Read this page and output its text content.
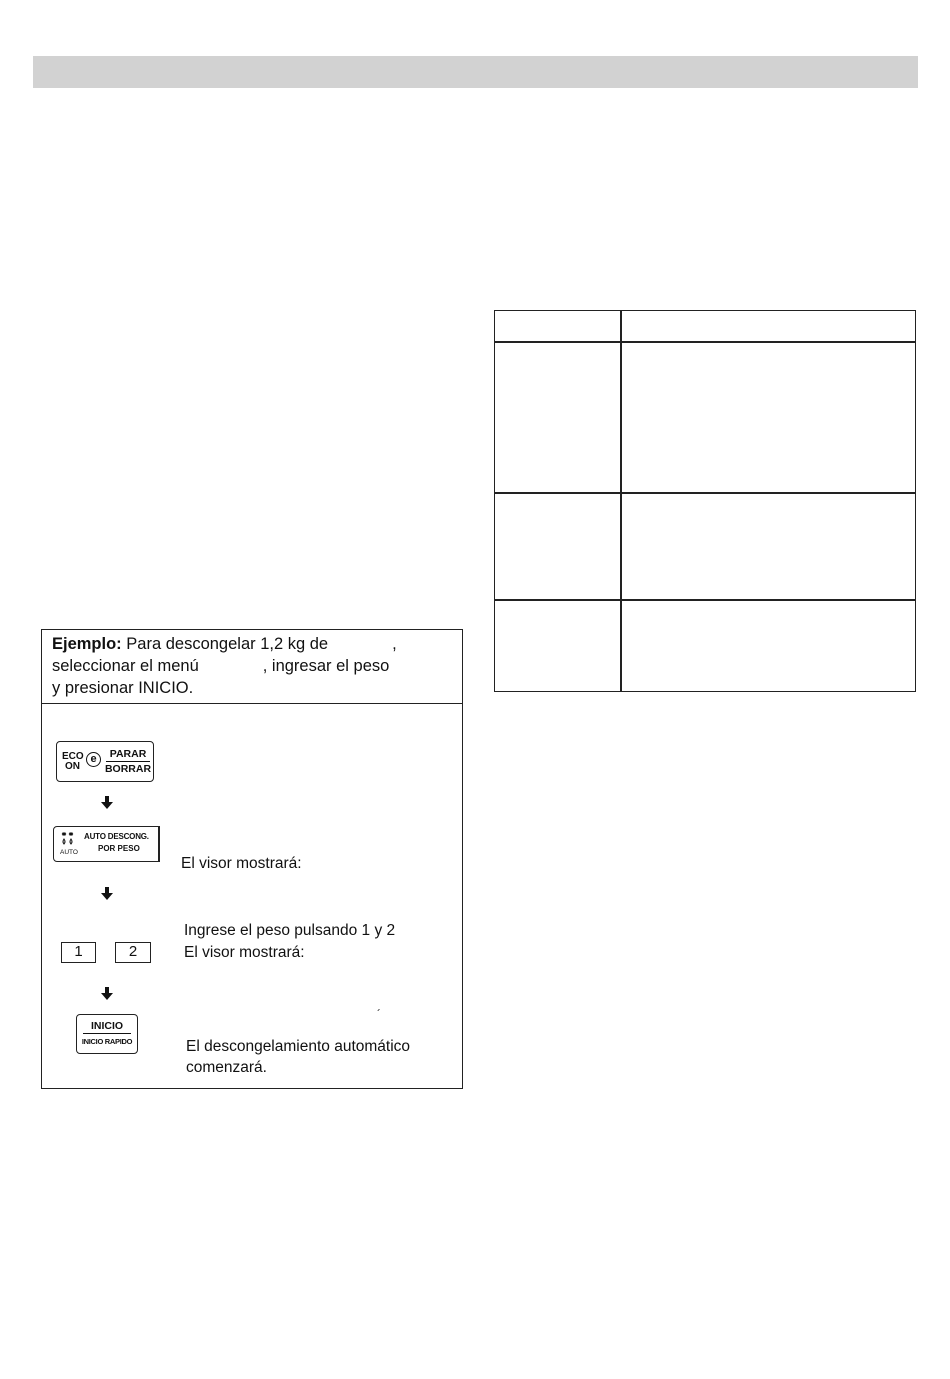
Ejemplo: Para descongelar 1,2 kg de	,
seleccionar el menú	, ingresar el peso
y presionar INICIO.
ECO
ON
e	PARAR
BORRAR
AUTO
AUTO DESCONG.
POR PESO
El visor mostrará:
Ingrese el peso pulsando 1 y 2
El visor mostrará:
1	2
´
INICIO
INICIO RAPIDO	El descongelamiento automático
comenzará.
